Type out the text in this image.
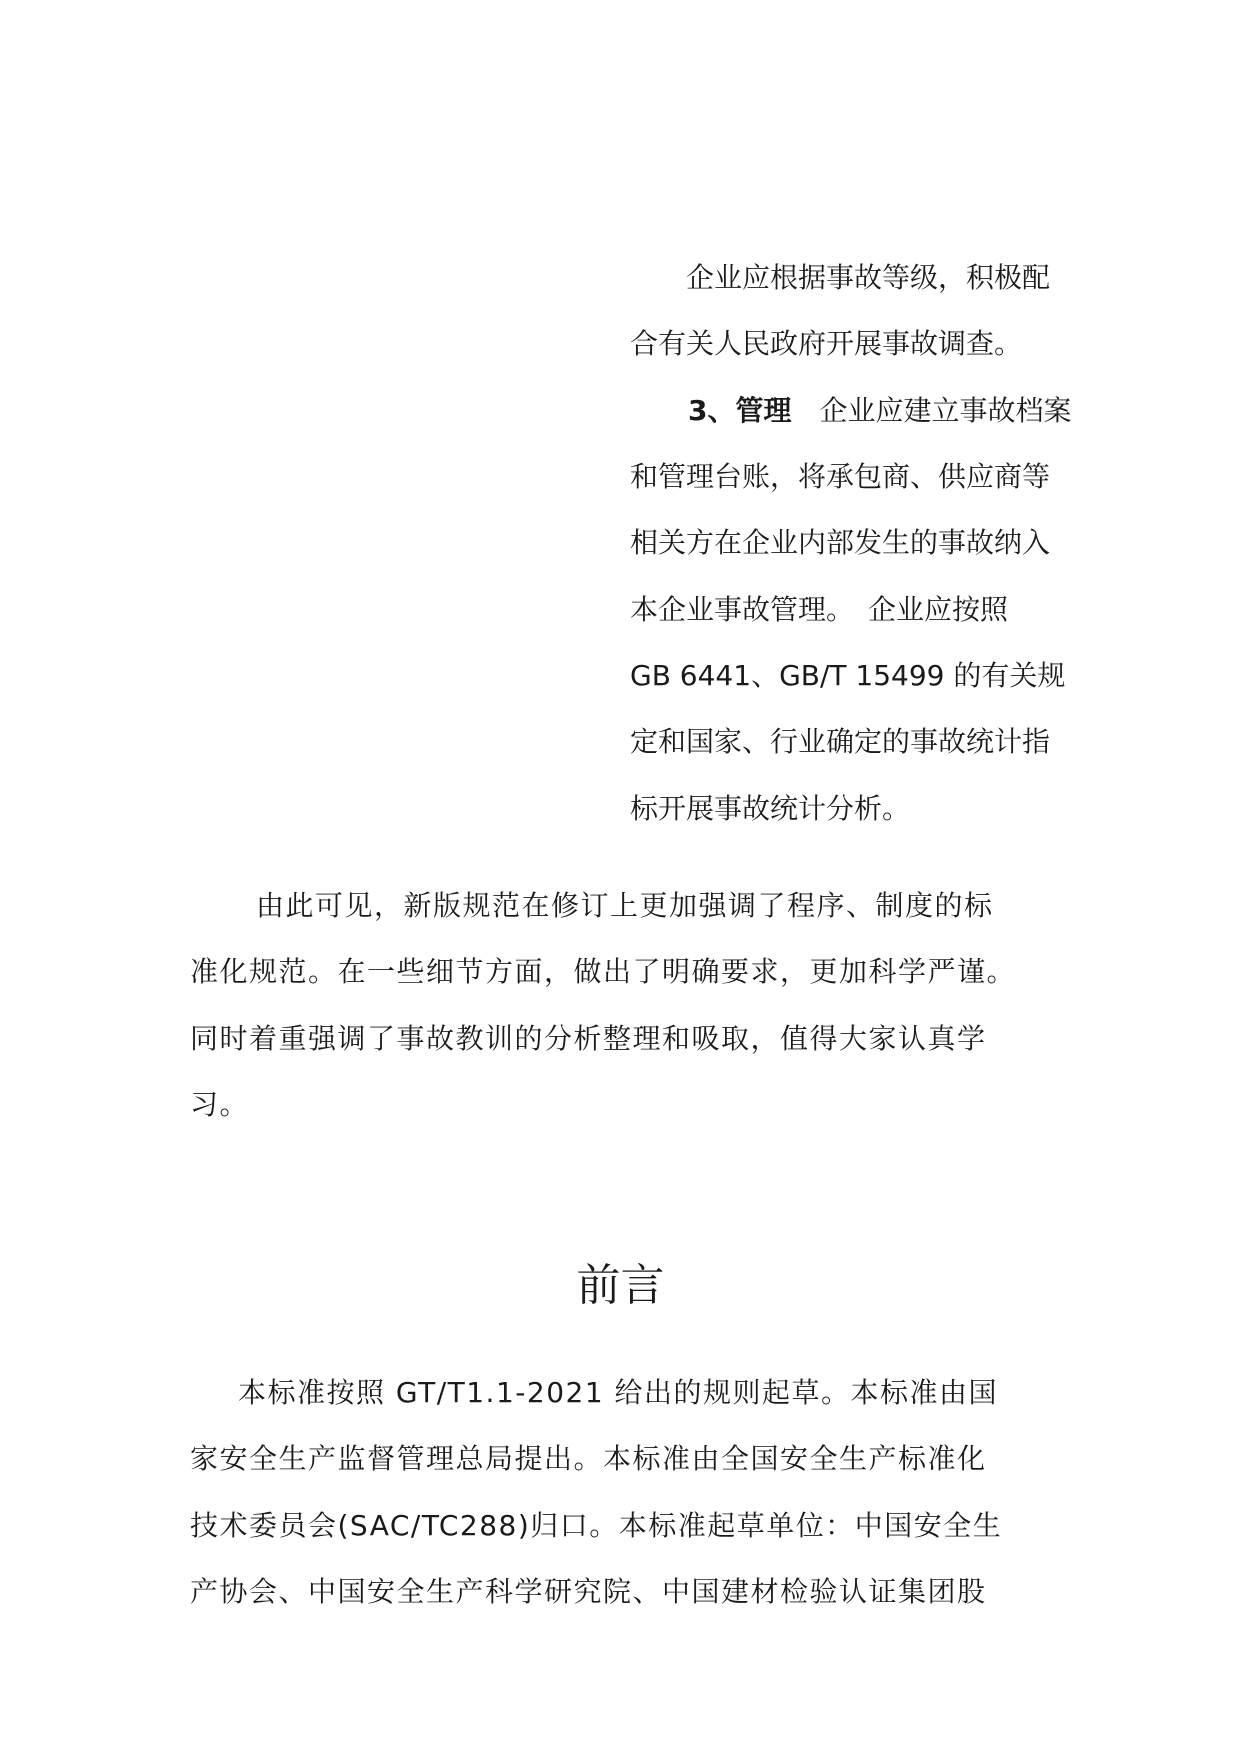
　　企业应根据事故等级，积极配
合有关人民政府开展事故调查。
3、管理　企业应建立事故档案
和管理台账，将承包商、供应商等
相关方在企业内部发生的事故纳入
本企业事故管理。　企业应按照
GB 6441、GB/T 15499 的有关规
定和国家、行业确定的事故统计指
标开展事故统计分析。
由此可见，新版规范在修订上更加强调了程序、制度的标
准化规范。在一些细节方面，做出了明确要求，更加科学严谨。
同时着重强调了事故教训的分析整理和吸取，值得大家认真学
习。
前言
本标准按照 GT/T1.1-2021 给出的规则起草。本标准由国
家安全生产监督管理总局提出。本标准由全国安全生产标准化
技术委员会(SAC/TC288)归口。本标准起草单位：中国安全生
产协会、中国安全生产科学研究院、中国建材检验认证集团股
